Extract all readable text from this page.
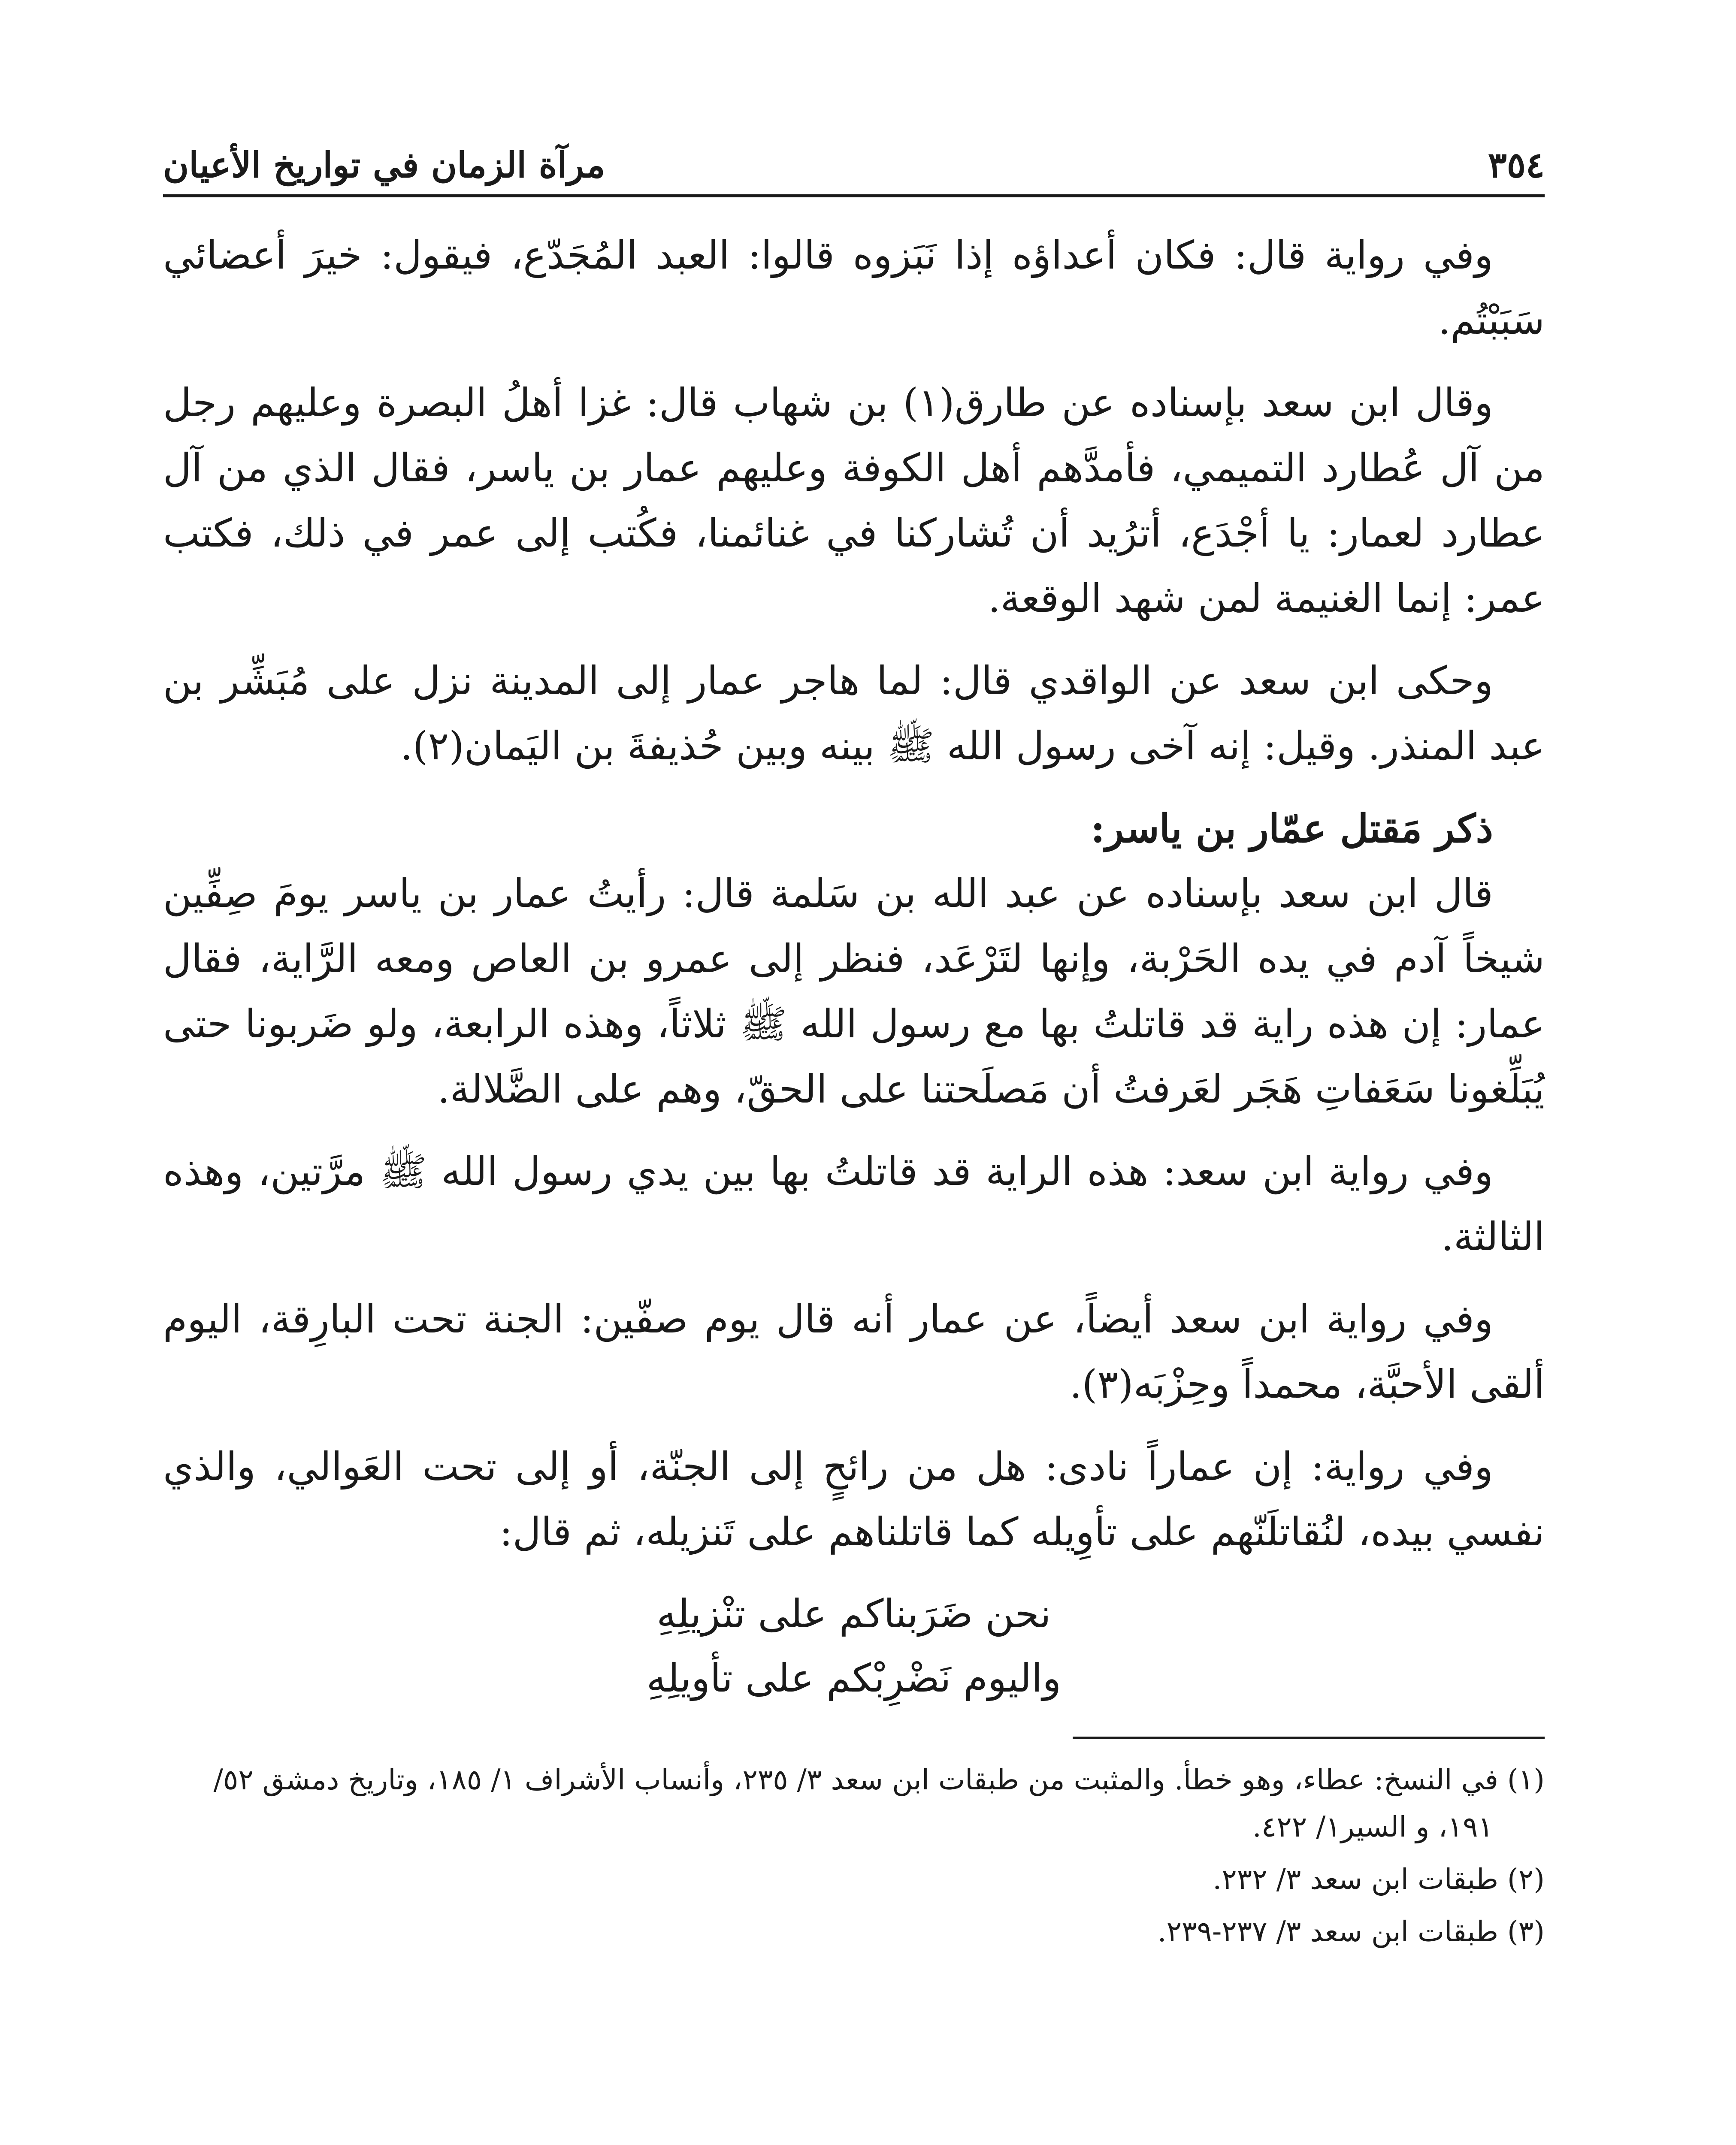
٣٥٤
مرآة الزمان في تواريخ الأعيان

وفي رواية قال: فكان أعداؤه إذا نَبَزوه قالوا: العبد المُجَدّع، فيقول: خيرَ أعضائي سَبَبْتُم.

وقال ابن سعد بإسناده عن طارق(١) بن شهاب قال: غزا أهلُ البصرة وعليهم رجل من آل عُطارد التميمي، فأمدَّهم أهل الكوفة وعليهم عمار بن ياسر، فقال الذي من آل عطارد لعمار: يا أجْدَع، أترُيد أن تُشاركنا في غنائمنا، فكُتب إلى عمر في ذلك، فكتب عمر: إنما الغنيمة لمن شهد الوقعة.

وحكى ابن سعد عن الواقدي قال: لما هاجر عمار إلى المدينة نزل على مُبَشِّر بن عبد المنذر. وقيل: إنه آخى رسول الله ﷺ بينه وبين حُذيفةَ بن اليَمان(٢).

ذكر مَقتل عمّار بن ياسر:

قال ابن سعد بإسناده عن عبد الله بن سَلمة قال: رأيتُ عمار بن ياسر يومَ صِفِّين شيخاً آدم في يده الحَرْبة، وإنها لتَرْعَد، فنظر إلى عمرو بن العاص ومعه الرَّاية، فقال عمار: إن هذه راية قد قاتلتُ بها مع رسول الله ﷺ ثلاثاً، وهذه الرابعة، ولو ضَربونا حتى يُبَلِّغونا سَعَفاتِ هَجَر لعَرفتُ أن مَصلَحتنا على الحقّ، وهم على الضَّلالة.

وفي رواية ابن سعد: هذه الراية قد قاتلتُ بها بين يدي رسول الله ﷺ مرَّتين، وهذه الثالثة.

وفي رواية ابن سعد أيضاً، عن عمار أنه قال يوم صفّين: الجنة تحت البارِقة، اليوم ألقى الأحبَّة، محمداً وحِزْبَه(٣).

وفي رواية: إن عماراً نادى: هل من رائحٍ إلى الجنّة، أو إلى تحت العَوالي، والذي نفسي بيده، لنُقاتلَنّهم على تأوِيله كما قاتلناهم على تَنزيله، ثم قال:

نحن ضَرَبناكم على تنْزيلِهِ
واليوم نَضْرِبْكم على تأويلِهِ

(١) في النسخ: عطاء، وهو خطأ. والمثبت من طبقات ابن سعد ٣/ ٢٣٥، وأنساب الأشراف ١/ ١٨٥، وتاريخ دمشق ٥٢/ ١٩١، و السير١/ ٤٢٢.

(٢) طبقات ابن سعد ٣/ ٢٣٢.

(٣) طبقات ابن سعد ٣/ ٢٣٧-٢٣٩.
